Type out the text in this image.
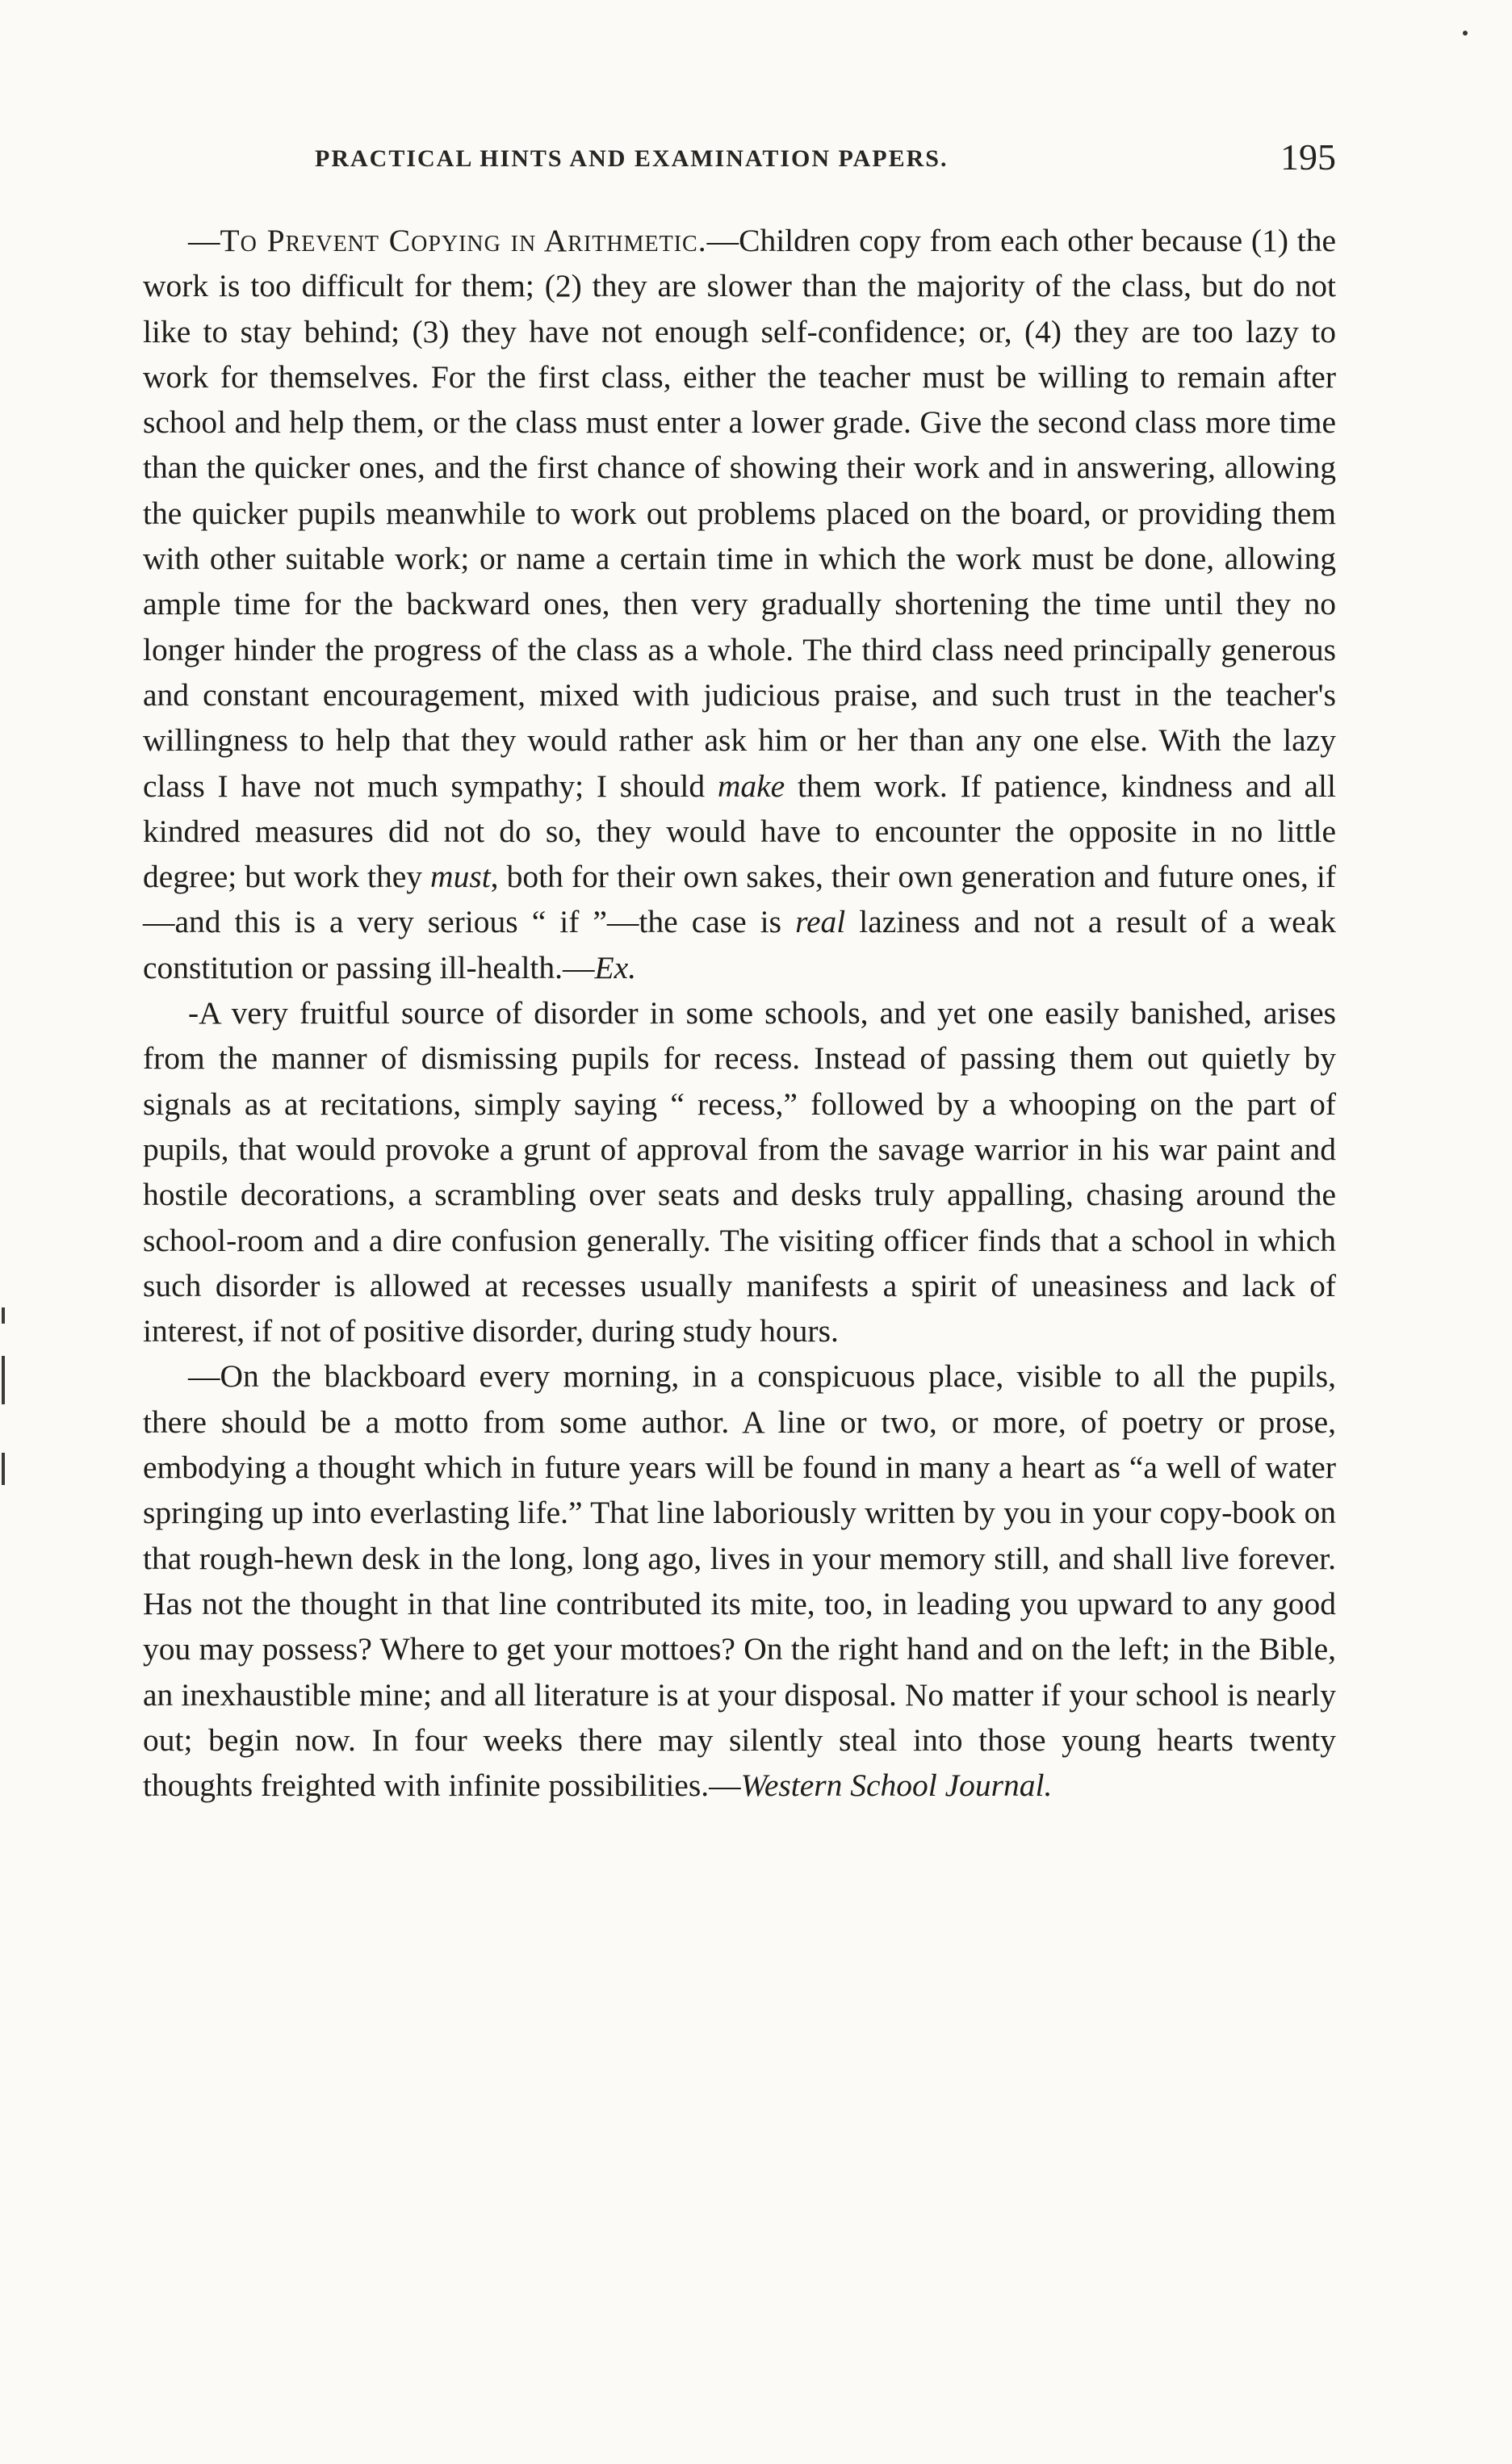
PRACTICAL HINTS AND EXAMINATION PAPERS.	195

—To Prevent Copying in Arithmetic.—Children copy from each other because (1) the work is too difficult for them; (2) they are slower than the majority of the class, but do not like to stay behind; (3) they have not enough self-confidence; or, (4) they are too lazy to work for themselves. For the first class, either the teacher must be willing to remain after school and help them, or the class must enter a lower grade. Give the second class more time than the quicker ones, and the first chance of showing their work and in answering, allowing the quicker pupils meanwhile to work out problems placed on the board, or providing them with other suitable work; or name a certain time in which the work must be done, allowing ample time for the backward ones, then very gradually shortening the time until they no longer hinder the progress of the class as a whole. The third class need principally generous and constant encouragement, mixed with judicious praise, and such trust in the teacher's willingness to help that they would rather ask him or her than any one else. With the lazy class I have not much sympathy; I should make them work. If patience, kindness and all kindred measures did not do so, they would have to encounter the opposite in no little degree; but work they must, both for their own sakes, their own generation and future ones, if—and this is a very serious “ if ”—the case is real laziness and not a result of a weak constitution or passing ill-health.—Ex.

-A very fruitful source of disorder in some schools, and yet one easily banished, arises from the manner of dismissing pupils for recess. Instead of passing them out quietly by signals as at recitations, simply saying “ recess,” followed by a whooping on the part of pupils, that would provoke a grunt of approval from the savage warrior in his war paint and hostile decorations, a scrambling over seats and desks truly appalling, chasing around the school-room and a dire confusion generally. The visiting officer finds that a school in which such disorder is allowed at recesses usually manifests a spirit of uneasiness and lack of interest, if not of positive disorder, during study hours.

—On the blackboard every morning, in a conspicuous place, visible to all the pupils, there should be a motto from some author. A line or two, or more, of poetry or prose, embodying a thought which in future years will be found in many a heart as “a well of water springing up into everlasting life.” That line laboriously written by you in your copy-book on that rough-hewn desk in the long, long ago, lives in your memory still, and shall live forever. Has not the thought in that line contributed its mite, too, in leading you upward to any good you may possess? Where to get your mottoes? On the right hand and on the left; in the Bible, an inexhaustible mine; and all literature is at your disposal. No matter if your school is nearly out; begin now. In four weeks there may silently steal into those young hearts twenty thoughts freighted with infinite possibilities.—Western School Journal.
